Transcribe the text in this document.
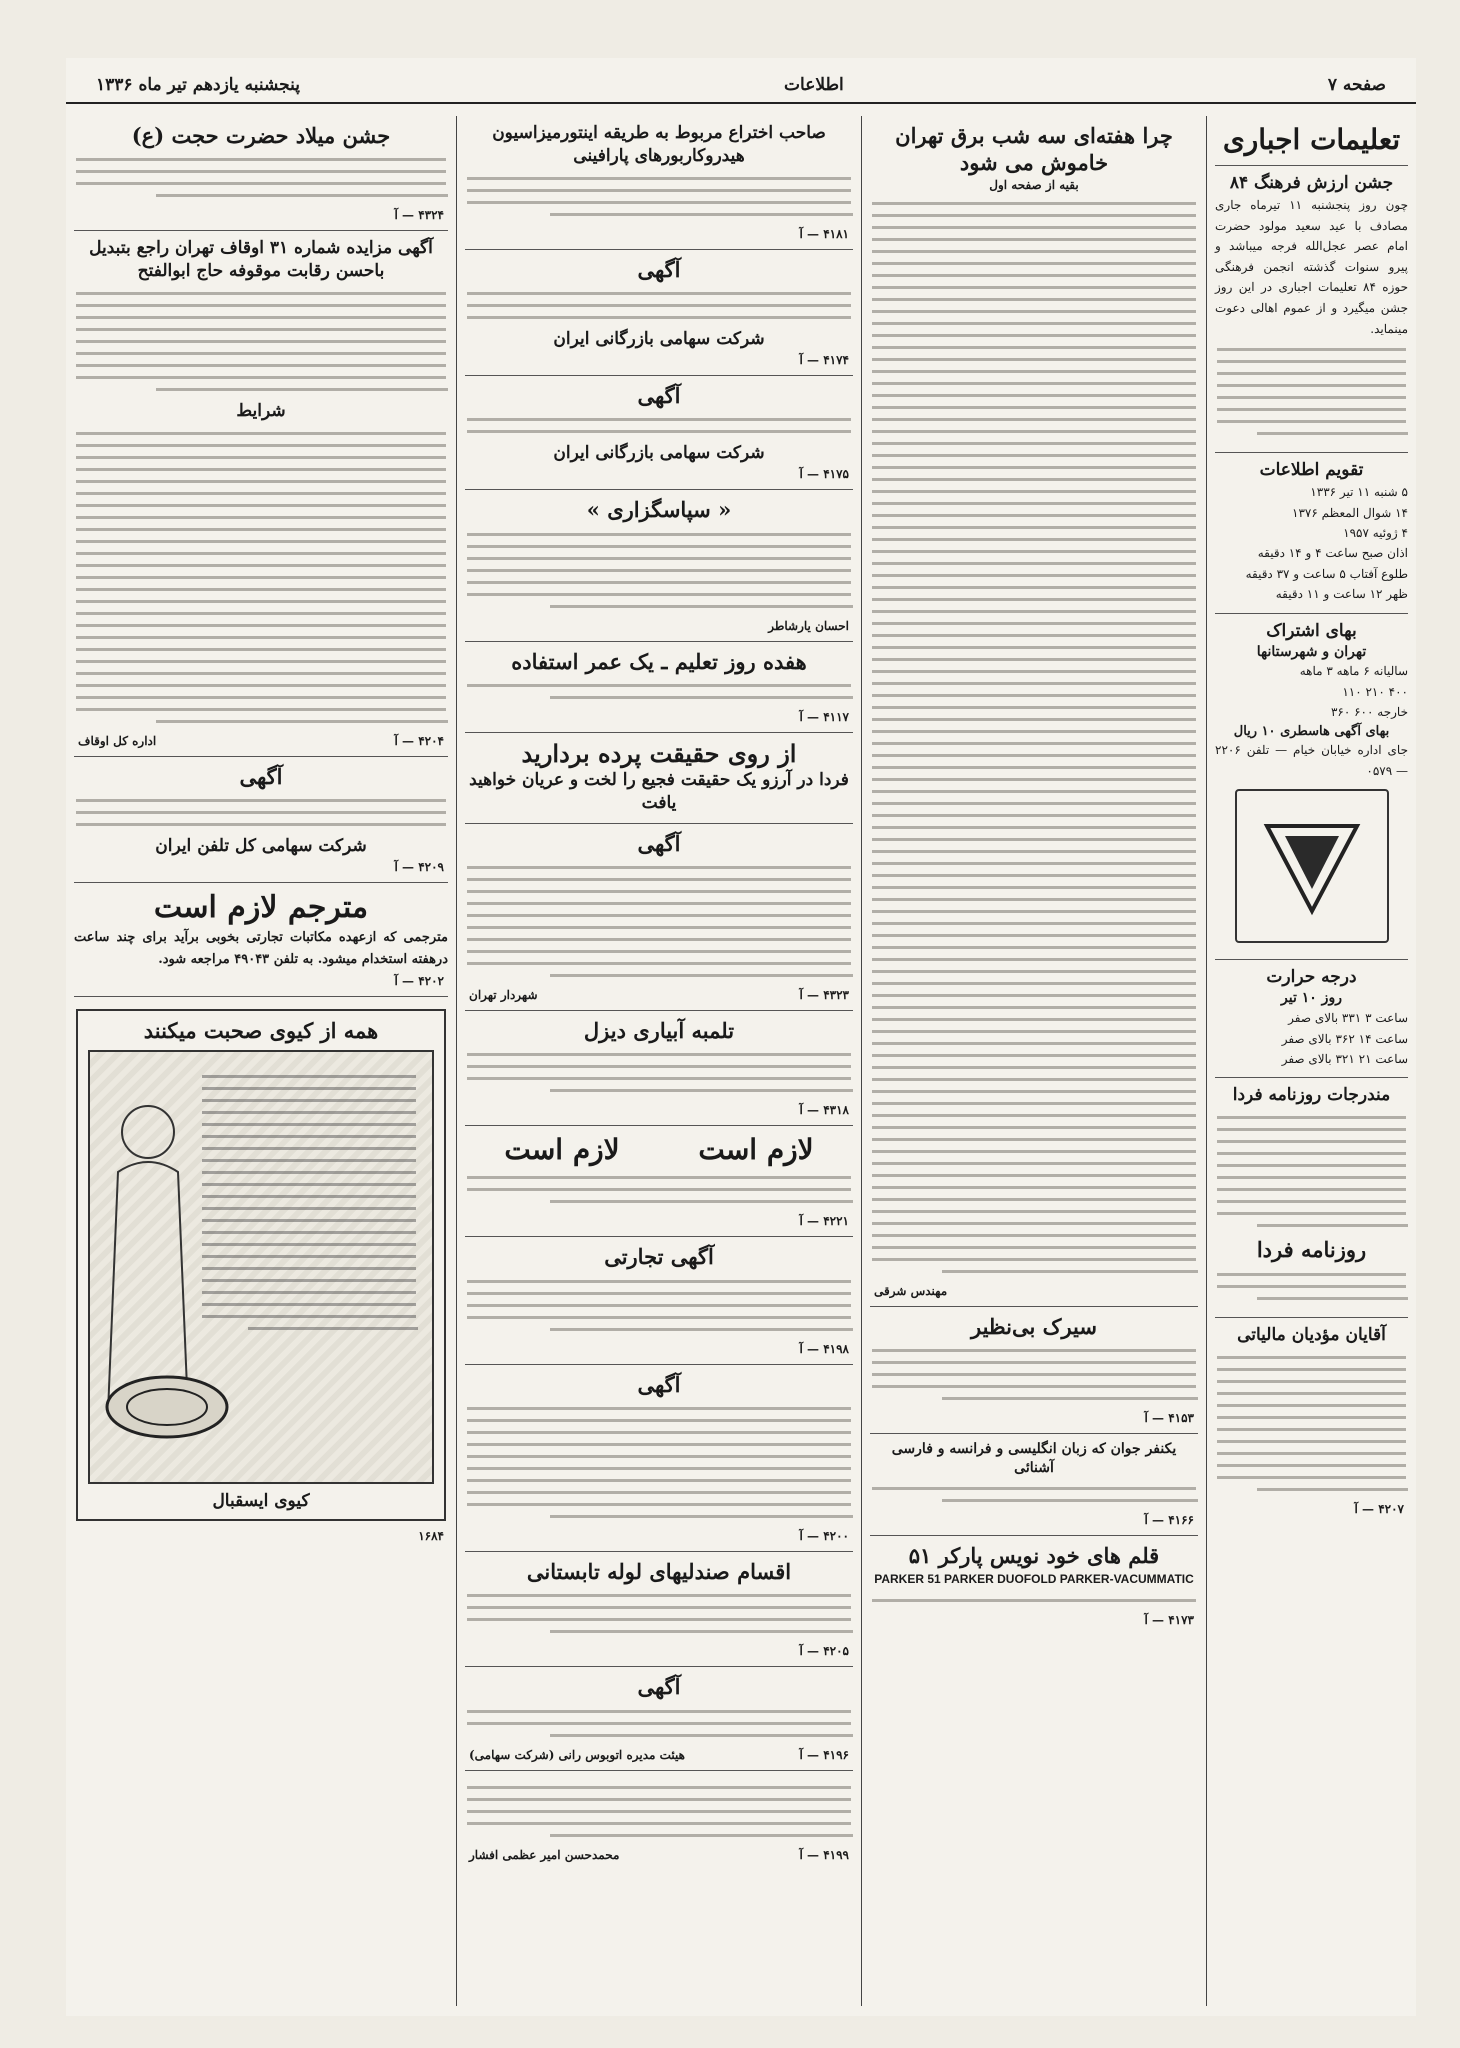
صفحه ۷
اطلاعات
پنجشنبه یازدهم تیر ماه ۱۳۳۶
تعلیمات اجباری
جشن ارزش فرهنگ ۸۴
چون روز پنجشنبه ۱۱ تیرماه جاری مصادف با عید سعید مولود حضرت امام عصر عجل‌الله فرجه میباشد و پیرو سنوات گذشته انجمن فرهنگی حوزه ۸۴ تعلیمات اجباری در این روز جشن میگیرد و از عموم اهالی دعوت مینماید.
تقویم اطلاعات
۵ شنبه ۱۱ تیر ۱۳۳۶
۱۴ شوال المعظم ۱۳۷۶
۴ ژوئیه ۱۹۵۷
اذان صبح ساعت ۴ و ۱۴ دقیقه
طلوع آفتاب ۵ ساعت و ۳۷ دقیقه
ظهر ۱۲ ساعت و ۱۱ دقیقه
بهای اشتراک
تهران و شهرستانها
سالیانه ۶ ماهه ۳ ماهه
۴۰۰ ۲۱۰ ۱۱۰
خارجه ۶۰۰ ۳۶۰
بهای آگهی هاسطری ۱۰ ریال
جای اداره خیابان خیام — تلفن ۲۲۰۶ — ۰۵۷۹
درجه حرارت
روز ۱۰ تیر
ساعت ۳ ۳۳۱ بالای صفر
ساعت ۱۴ ۳۶۲ بالای صفر
ساعت ۲۱ ۳۲۱ بالای صفر
مندرجات روزنامه فردا
روزنامه فردا
آقایان مؤدیان مالیاتی
۴۲۰۷ — آ
چرا هفته‌ای سه شب برق تهران
خاموش می شود
بقیه از صفحه اول
مهندس شرقی
سیرک بی‌نظیر
۴۱۵۳ — آ
یکنفر جوان که زبان انگلیسی و فرانسه و فارسی آشنائی
۴۱۶۶ — آ
قلم های خود نویس پارکر ۵۱
PARKER 51 PARKER DUOFOLD PARKER-VACUMMATIC
۴۱۷۳ — آ
صاحب اختراع مربوط به طریقه اینتورمیزاسیون
هیدروکاربورهای پارافینی
۴۱۸۱ — آ
آگهی
شرکت سهامی بازرگانی ایران
۴۱۷۴ — آ
آگهی
شرکت سهامی بازرگانی ایران
۴۱۷۵ — آ
« سپاسگزاری »
احسان یارشاطر
هفده روز تعلیم ـ یک عمر استفاده
۴۱۱۷ — آ
از روی حقیقت پرده بردارید
فردا در آرزو یک حقیقت فجیع را لخت و عریان خواهید یافت
آگهی
۴۳۲۳ — آ
شهردار تهران
تلمبه آبیاری دیزل
۴۳۱۸ — آ
لازم است
لازم است
۴۲۲۱ — آ
آگهی تجارتی
۴۱۹۸ — آ
آگهی
۴۲۰۰ — آ
اقسام صندلیهای لوله تابستانی
۴۲۰۵ — آ
آگهی
۴۱۹۶ — آ
هیئت مدیره اتوبوس رانی (شرکت سهامی)
۴۱۹۹ — آ
محمدحسن امیر عظمی افشار
جشن میلاد حضرت حجت (ع)
۴۳۲۴ — آ
آگهی مزایده شماره ۳۱ اوقاف تهران راجع بتبدیل باحسن رقابت موقوفه حاج ابوالفتح
شرایط
۴۲۰۴ — آ
اداره کل اوقاف
آگهی
شرکت سهامی کل تلفن ایران
۴۲۰۹ — آ
مترجم لازم است
مترجمی که ازعهده مکاتبات تجارتی بخوبی برآید برای چند ساعت درهفته استخدام میشود. به تلفن ۴۹۰۴۳ مراجعه شود.
۴۲۰۲ — آ
همه از کیوی صحبت میکنند
کیوی ایسقبال
۱۶۸۴
